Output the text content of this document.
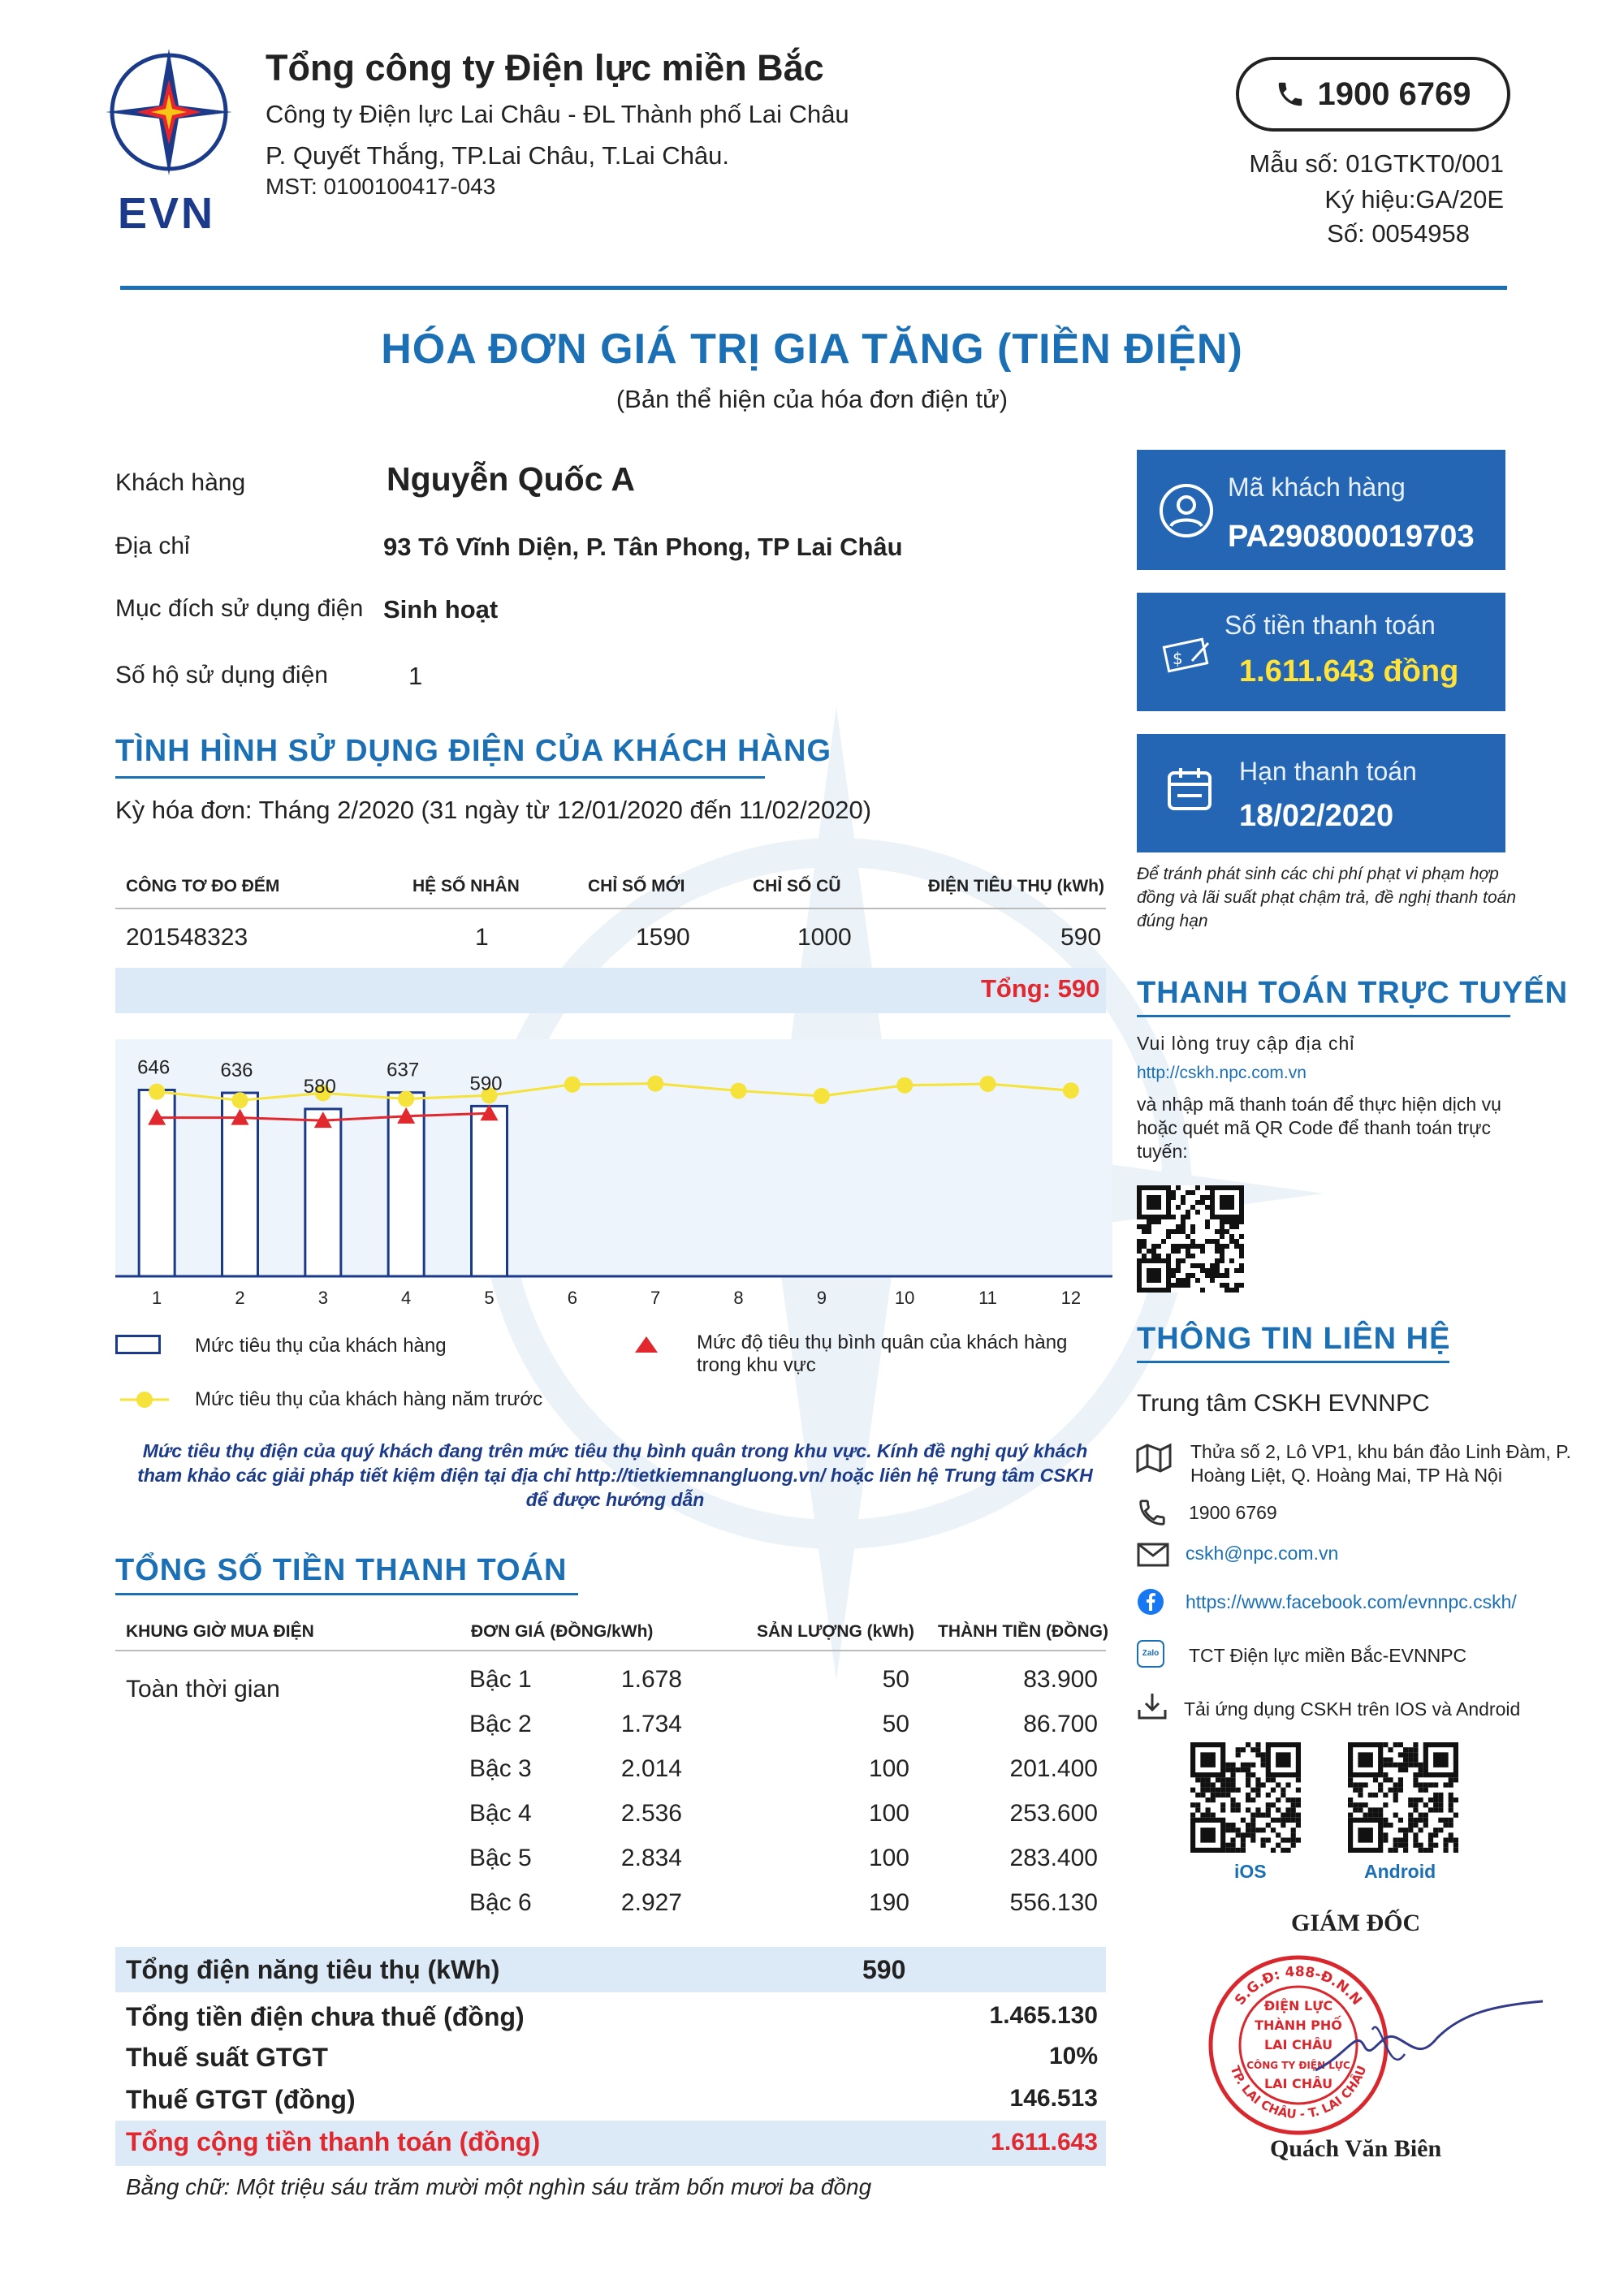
EVN
Tổng công ty Điện lực miền Bắc
Công ty Điện lực Lai Châu - ĐL Thành phố Lai Châu
P. Quyết Thắng, TP.Lai Châu, T.Lai Châu.
MST: 0100100417-043
1900 6769
Mẫu số: 01GTKT0/001
Ký hiệu:GA/20E
Số: 0054958
HÓA ĐƠN GIÁ TRỊ GIA TĂNG (TIỀN ĐIỆN)
(Bản thể hiện của hóa đơn điện tử)
Khách hàng	Nguyễn Quốc A
Địa chỉ	93 Tô Vĩnh Diện, P. Tân Phong, TP Lai Châu
Mục đích sử dụng điện Sinh hoạt
Số hộ sử dụng điện	1
Mã khách hàng
PA290800019703
$
Số tiền thanh toán
1.611.643 đồng
Hạn thanh toán
18/02/2020
Để tránh phát sinh các chi phí phạt vi phạm hợp đồng và lãi suất phạt chậm trả, đề nghị thanh toán đúng hạn
TÌNH HÌNH SỬ DỤNG ĐIỆN CỦA KHÁCH HÀNG
Kỳ hóa đơn: Tháng 2/2020 (31 ngày từ 12/01/2020 đến 11/02/2020)
CÔNG TƠ ĐO ĐẾM	HỆ SỐ NHÂN	CHỈ SỐ MỚI	CHỈ SỐ CŨ	ĐIỆN TIÊU THỤ (kWh)
201548323	1	1590	1000	590
Tổng: 590
646	636
580
637
590
1	2	3	4	5	6	7	8	9	10	11	12
Mức tiêu thụ của khách hàng	Mức độ tiêu thụ bình quân của khách hàng trong khu vực
Mức tiêu thụ của khách hàng năm trước
Mức tiêu thụ điện của quý khách đang trên mức tiêu thụ bình quân trong khu vực. Kính đề nghị quý khách tham khảo các giải pháp tiết kiệm điện tại địa chỉ http://tietkiemnangluong.vn/ hoặc liên hệ Trung tâm CSKH để được hướng dẫn
TỔNG SỐ TIỀN THANH TOÁN
KHUNG GIỜ MUA ĐIỆN	ĐƠN GIÁ (ĐỒNG/kWh)	SẢN LƯỢNG (kWh) THÀNH TIỀN (ĐỒNG)
Toàn thời gian	Bậc 1	1.678	50	83.900
Bậc 2	1.734	50	86.700
Bậc 3	2.014	100	201.400
Bậc 4	2.536	100	253.600
Bậc 5	2.834	100	283.400
Bậc 6	2.927	190	556.130
Tổng điện năng tiêu thụ (kWh)	590
Tổng tiền điện chưa thuế (đồng)	1.465.130
Thuế suất GTGT	10%
Thuế GTGT (đồng)	146.513
Tổng cộng tiền thanh toán (đồng)	1.611.643
Bằng chữ: Một triệu sáu trăm mười một nghìn sáu trăm bốn mươi ba đồng
THANH TOÁN TRỰC TUYẾN
Vui lòng truy cập địa chỉ
http://cskh.npc.com.vn
và nhập mã thanh toán để thực hiện dịch vụ hoặc quét mã QR Code để thanh toán trực tuyến:
THÔNG TIN LIÊN HỆ
Trung tâm CSKH EVNNPC
Thửa số 2, Lô VP1, khu bán đảo Linh Đàm, P. Hoàng Liệt, Q. Hoàng Mai, TP Hà Nội
1900 6769
cskh@npc.com.vn
https://www.facebook.com/evnnpc.cskh/
Zalo TCT Điện lực miền Bắc-EVNNPC
Tải ứng dụng CSKH trên IOS và Android
iOS	Android
GIÁM ĐỐC
S.G.Đ: 488-Đ.N.N
TP. LAI CHÂU - T. LAI CHÂU
ĐIỆN LỰC
THÀNH PHỐ
LAI CHÂU
CÔNG TY ĐIỆN LỰC
LAI CHÂU
Quách Văn Biên
